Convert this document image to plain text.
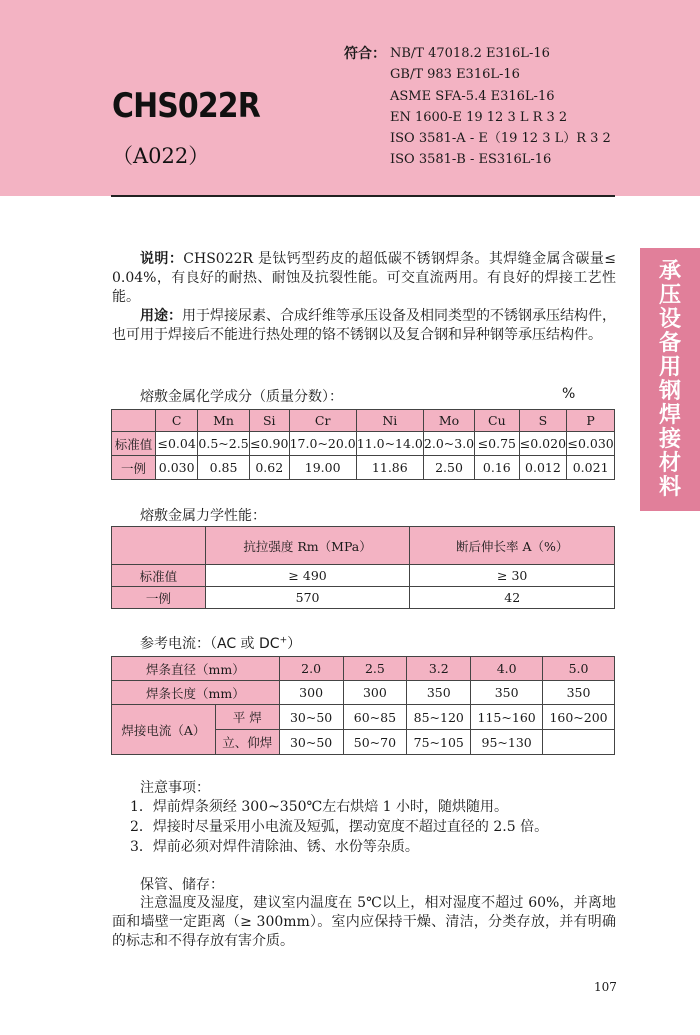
CHS022R
（A022）
符合： NB/T 47018.2 E316L-16
GB/T 983 E316L-16
ASME SFA-5.4 E316L-16
EN 1600-E 19 12 3 L R 3 2
ISO 3581-A - E（19 12 3 L）R 3 2
ISO 3581-B - ES316L-16
承
压
设
备
用
钢
焊
接
材
料

说明：CHS022R 是钛钙型药皮的超低碳不锈钢焊条。其焊缝金属含碳量≤ 0.04%，有良好的耐热、耐蚀及抗裂性能。可交直流两用。有良好的焊接工艺性能。

用途：用于焊接尿素、合成纤维等承压设备及相同类型的不锈钢承压结构件，也可用于焊接后不能进行热处理的铬不锈钢以及复合钢和异种钢等承压结构件。

熔敷金属化学成分（质量分数）：	%
	C	Mn	Si	Cr	Ni	Mo	Cu	S	P
标准值	≤0.04	0.5~2.5	≤0.90	17.0~20.0	11.0~14.0	2.0~3.0	≤0.75	≤0.020	≤0.030
一例	0.030	0.85	0.62	19.00	11.86	2.50	0.16	0.012	0.021
熔敷金属力学性能：
	抗拉强度 Rm（MPa）	断后伸长率 A（%）
标准值	≥ 490	≥ 30
一例	570	42
参考电流：（AC 或 DC+）
焊条直径（mm）		2.0	2.5	3.2	4.0	5.0
焊条长度（mm）		300	300	350	350	350
焊接电流（A）	平 焊	30~50	60~85	85~120	115~160	160~200
	立、仰焊	30~50	50~70	75~105	95~130	
注意事项：
1．焊前焊条须经 300~350℃左右烘焙 1 小时，随烘随用。
2．焊接时尽量采用小电流及短弧，摆动宽度不超过直径的 2.5 倍。
3．焊前必须对焊件清除油、锈、水份等杂质。
保管、储存：

注意温度及湿度，建议室内温度在 5℃以上，相对湿度不超过 60%，并离地面和墙壁一定距离（≥ 300mm）。室内应保持干燥、清洁，分类存放，并有明确的标志和不得存放有害介质。

107
